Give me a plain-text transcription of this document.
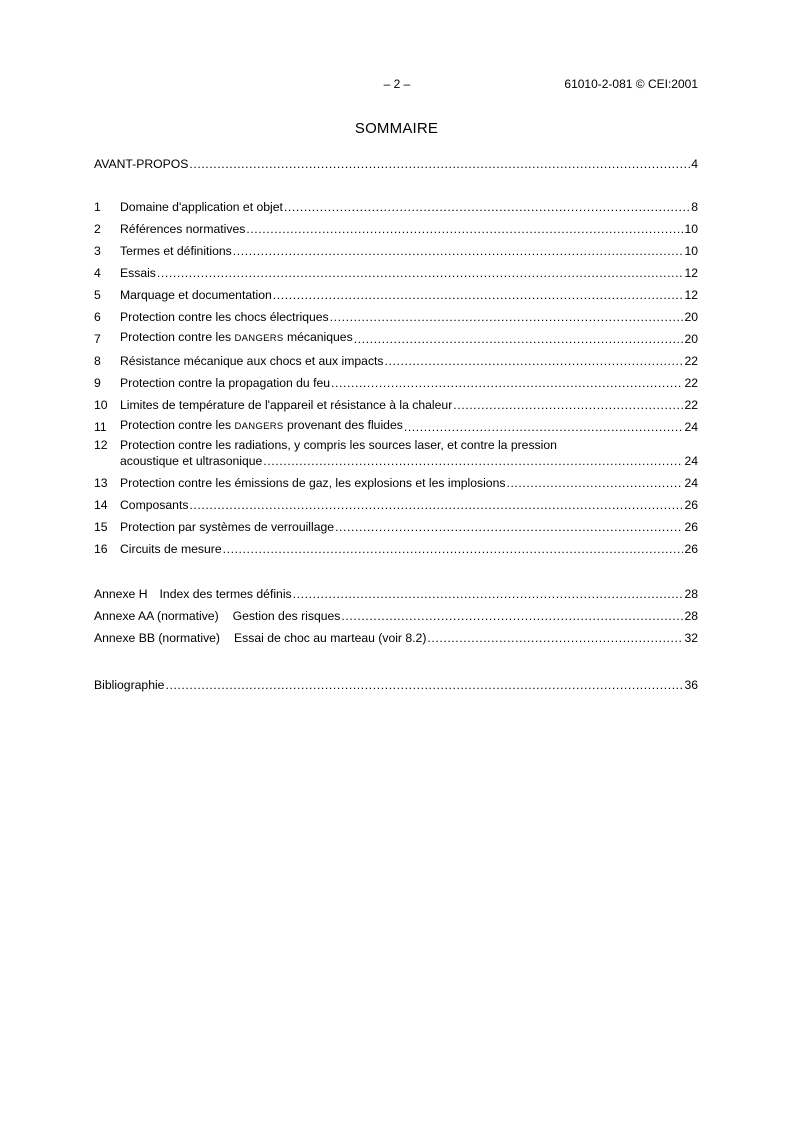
– 2 –	61010-2-081 © CEI:2001
SOMMAIRE
AVANT-PROPOS .....	4
1	Domaine d'application et objet .....	8
2	Références normatives .....	10
3	Termes et définitions .....	10
4	Essais .....	12
5	Marquage et documentation .....	12
6	Protection contre les chocs électriques .....	20
7	Protection contre les DANGERS mécaniques .....	20
8	Résistance mécanique aux chocs et aux impacts .....	22
9	Protection contre la propagation du feu .....	22
10	Limites de température de l'appareil et résistance à la chaleur .....	22
11	Protection contre les DANGERS provenant des fluides .....	24
12	Protection contre les radiations, y compris les sources laser, et contre la pression
acoustique et ultrasonique .....	24
13	Protection contre les émissions de gaz, les explosions et les implosions .....	24
14	Composants .....	26
15	Protection par systèmes de verrouillage .....	26
16	Circuits de mesure .....	26
Annexe H Index des termes définis .....	28
Annexe AA (normative) Gestion des risques .....	28
Annexe BB (normative) Essai de choc au marteau (voir 8.2) .....	32
Bibliographie .....	36
